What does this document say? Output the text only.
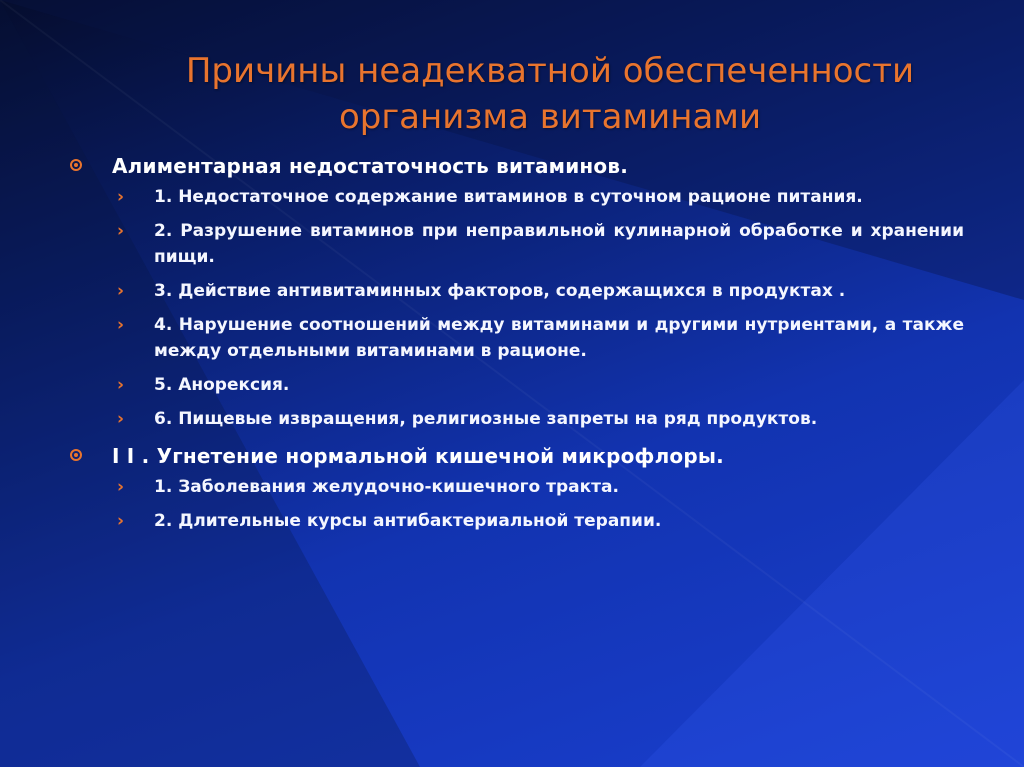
Причины неадекватной обеспеченности организма витаминами
Алиментарная недостаточность витаминов.
› 1. Недостаточное содержание витаминов в суточном рационе питания.
› 2. Разрушение витаминов при неправильной кулинарной обработке и хранении пищи.
› 3. Действие антивитаминных факторов, содержащихся в продуктах .
› 4. Нарушение соотношений между витаминами и другими нутриентами, а также между отдельными витаминами в рационе.
› 5. Анорексия.
› 6. Пищевые извращения, религиозные запреты на ряд продуктов.
I I . Угнетение нормальной кишечной микрофлоры.
› 1. Заболевания желудочно-кишечного тракта.
› 2. Длительные курсы антибактериальной терапии.
